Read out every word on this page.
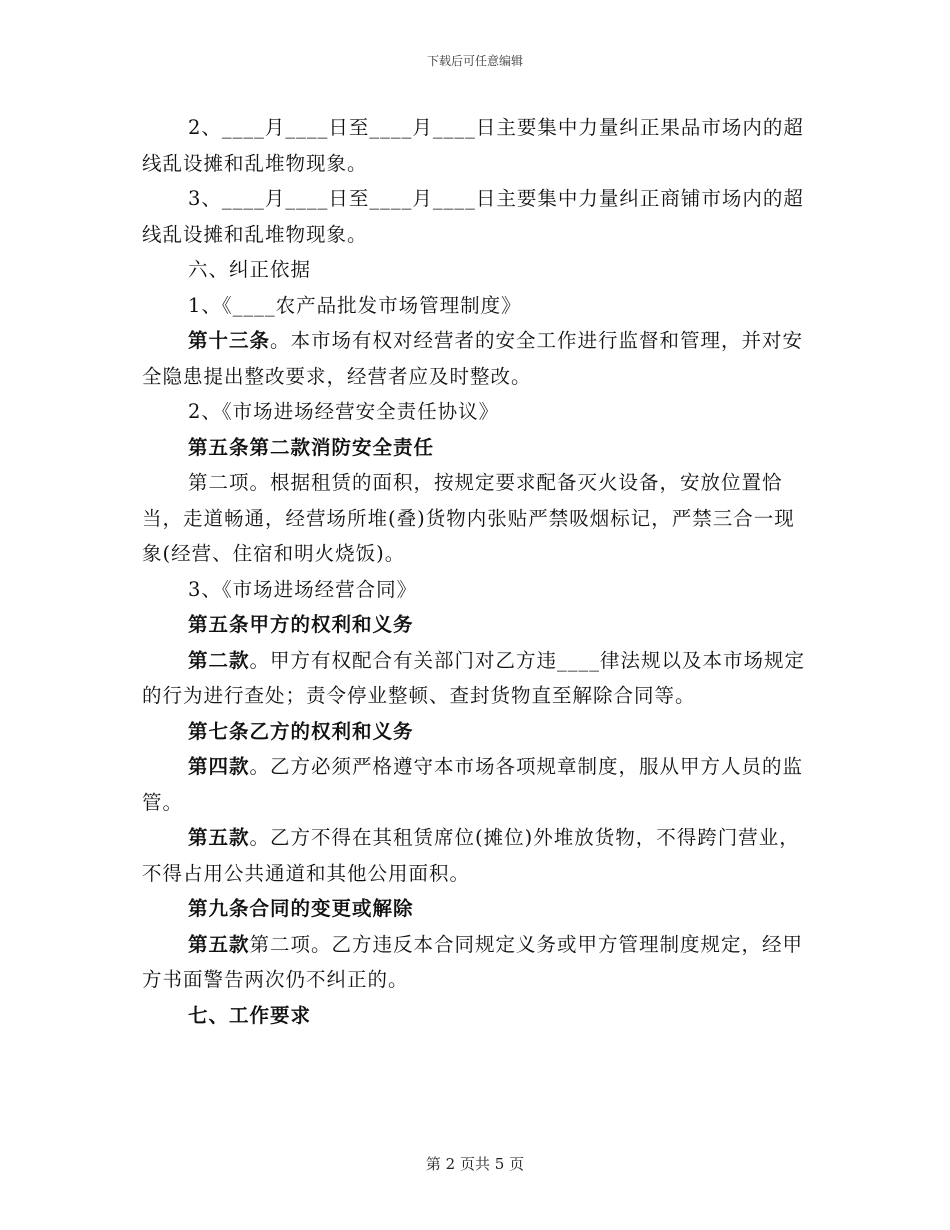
下载后可任意编辑

2、____月____日至____月____日主要集中力量纠正果品市场内的超线乱设摊和乱堆物现象。

3、____月____日至____月____日主要集中力量纠正商铺市场内的超线乱设摊和乱堆物现象。

六、纠正依据

1、《____农产品批发市场管理制度》

第十三条。本市场有权对经营者的安全工作进行监督和管理，并对安全隐患提出整改要求，经营者应及时整改。

2、《市场进场经营安全责任协议》

第五条第二款消防安全责任

第二项。根据租赁的面积，按规定要求配备灭火设备，安放位置恰当，走道畅通，经营场所堆(叠)货物内张贴严禁吸烟标记，严禁三合一现象(经营、住宿和明火烧饭)。

3、《市场进场经营合同》

第五条甲方的权利和义务

第二款。甲方有权配合有关部门对乙方违____律法规以及本市场规定的行为进行查处；责令停业整顿、查封货物直至解除合同等。

第七条乙方的权利和义务

第四款。乙方必须严格遵守本市场各项规章制度，服从甲方人员的监管。

第五款。乙方不得在其租赁席位(摊位)外堆放货物，不得跨门营业，不得占用公共通道和其他公用面积。

第九条合同的变更或解除

第五款第二项。乙方违反本合同规定义务或甲方管理制度规定，经甲方书面警告两次仍不纠正的。

七、工作要求

第 2 页共 5 页
